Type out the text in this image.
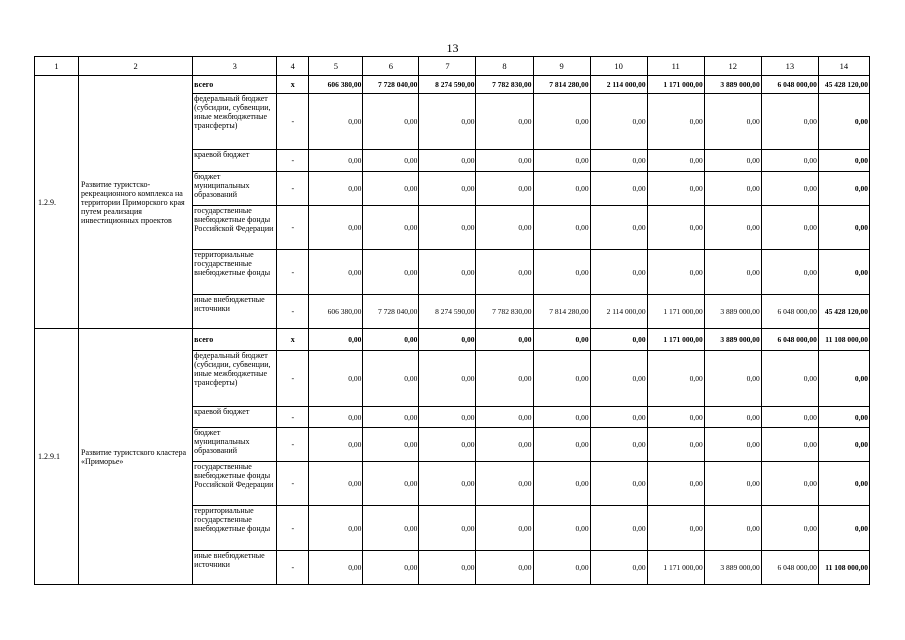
13
1	2	3	4	5	6	7	8	9	10	11	12	13	14
1.2.9.	Развитие туристско-рекреационного комплекса на территории Приморского края путем реализация инвестиционных проектов	всего	х	606 380,00	7 728 040,00	8 274 590,00	7 782 830,00	7 814 280,00	2 114 000,00	1 171 000,00	3 889 000,00	6 048 000,00	45 428 120,00
		федеральный бюджет (субсидии, субвенции, иные межбюджетные трансферты)	-	0,00	0,00	0,00	0,00	0,00	0,00	0,00	0,00	0,00	0,00
		краевой бюджет	-	0,00	0,00	0,00	0,00	0,00	0,00	0,00	0,00	0,00	0,00
		бюджет муниципальных образований	-	0,00	0,00	0,00	0,00	0,00	0,00	0,00	0,00	0,00	0,00
		государственные внебюджетные фонды Российской Федерации	-	0,00	0,00	0,00	0,00	0,00	0,00	0,00	0,00	0,00	0,00
		территориальные государственные внебюджетные фонды	-	0,00	0,00	0,00	0,00	0,00	0,00	0,00	0,00	0,00	0,00
		иные внебюджетные источники	-	606 380,00	7 728 040,00	8 274 590,00	7 782 830,00	7 814 280,00	2 114 000,00	1 171 000,00	3 889 000,00	6 048 000,00	45 428 120,00
1.2.9.1	Развитие туристского кластера «Приморье»	всего	х	0,00	0,00	0,00	0,00	0,00	0,00	1 171 000,00	3 889 000,00	6 048 000,00	11 108 000,00
		федеральный бюджет (субсидии, субвенции, иные межбюджетные трансферты)	-	0,00	0,00	0,00	0,00	0,00	0,00	0,00	0,00	0,00	0,00
		краевой бюджет	-	0,00	0,00	0,00	0,00	0,00	0,00	0,00	0,00	0,00	0,00
		бюджет муниципальных образований	-	0,00	0,00	0,00	0,00	0,00	0,00	0,00	0,00	0,00	0,00
		государственные внебюджетные фонды Российской Федерации	-	0,00	0,00	0,00	0,00	0,00	0,00	0,00	0,00	0,00	0,00
		территориальные государственные внебюджетные фонды	-	0,00	0,00	0,00	0,00	0,00	0,00	0,00	0,00	0,00	0,00
		иные внебюджетные источники	-	0,00	0,00	0,00	0,00	0,00	0,00	1 171 000,00	3 889 000,00	6 048 000,00	11 108 000,00
